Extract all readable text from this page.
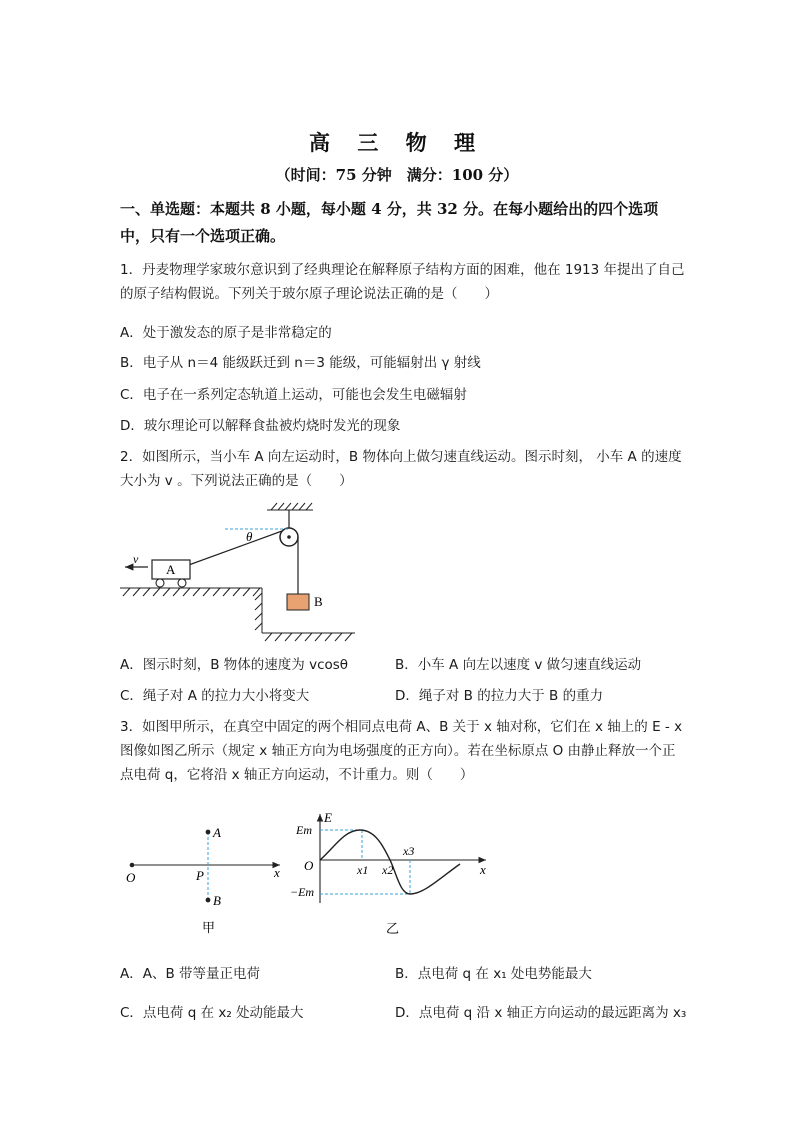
高 三 物 理
（时间：75 分钟　满分：100 分）
一、单选题：本题共 8 小题，每小题 4 分，共 32 分。在每小题给出的四个选项中，只有一个选项正确。
1．丹麦物理学家玻尔意识到了经典理论在解释原子结构方面的困难，他在 1913 年提出了自己的原子结构假说。下列关于玻尔原子理论说法正确的是（　　）
A．处于激发态的原子是非常稳定的
B．电子从 n＝4 能级跃迁到 n＝3 能级，可能辐射出 γ 射线
C．电子在一系列定态轨道上运动，可能也会发生电磁辐射
D．玻尔理论可以解释食盐被灼烧时发光的现象
2．如图所示，当小车 A 向左运动时，B 物体向上做匀速直线运动。图示时刻， 小车 A 的速度大小为 v 。下列说法正确的是（　　）
θ
B
A
v
A．图示时刻，B 物体的速度为 vcosθ	B．小车 A 向左以速度 v 做匀速直线运动
C．绳子对 A 的拉力大小将变大	D．绳子对 B 的拉力大于 B 的重力
3．如图甲所示，在真空中固定的两个相同点电荷 A、B 关于 x 轴对称，它们在 x 轴上的 E - x 图像如图乙所示（规定 x 轴正方向为电场强度的正方向）。若在坐标原点 O 由静止释放一个正点电荷 q，它将沿 x 轴正方向运动，不计重力。则（　　）
O	x
A
B
P
甲
E
Em
O
−Em
x
x1 x2
x3
乙
A．A、B 带等量正电荷	B．点电荷 q 在 x₁ 处电势能最大
C．点电荷 q 在 x₂ 处动能最大	D．点电荷 q 沿 x 轴正方向运动的最远距离为 x₃
